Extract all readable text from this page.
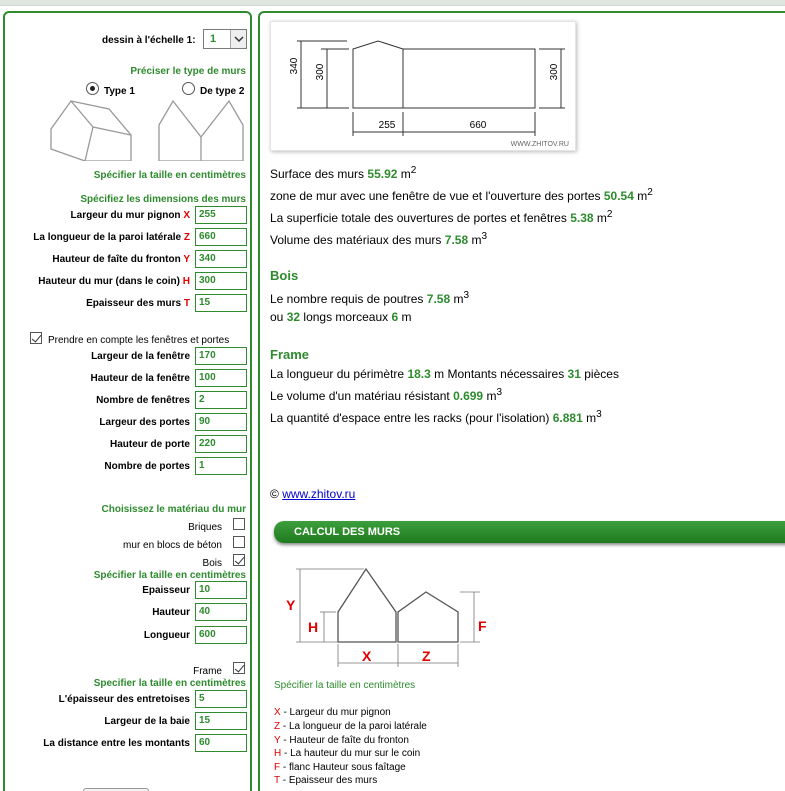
dessin à l'échelle 1: 1
Préciser le type de murs
Type 1	De type 2
Spécifier la taille en centimètres
Spécifiez les dimensions des murs
Largeur du mur pignon X 255
La longueur de la paroi latérale Z 660
Hauteur de faîte du fronton Y 340
Hauteur du mur (dans le coin) H 300
Epaisseur des murs T 15
Prendre en compte les fenêtres et portes
Largeur de la fenêtre 170
Hauteur de la fenêtre 100
Nombre de fenêtres 2
Largeur des portes 90
Hauteur de porte 220
Nombre de portes 1
Choisissez le matériau du mur
Briques
mur en blocs de béton
Bois
Spécifier la taille en centimètres
Epaisseur 10
Hauteur 40
Longueur 600
Frame
Specifier la taille en centimètres
L'épaisseur des entretoises 5
Largeur de la baie 15
La distance entre les montants 60
340 300	300
255	660
WWW.ZHITOV.RU
Surface des murs 55.92 $m^2$
zone de mur avec une fenêtre de vue et l'ouverture des portes 50.54 $m^2$
La superficie totale des ouvertures de portes et fenêtres 5.38 $m^2$
Volume des matériaux des murs 7.58 $m^3$
Bois
Le nombre requis de poutres 7.58 $m^3$
ou 32 longs morceaux 6 m
Frame
La longueur du périmètre 18.3 m Montants nécessaires 31 pièces
Le volume d'un matériau résistant 0.699 $m^3$
La quantité d'espace entre les racks (pour l'isolation) 6.881 $m^3$
© www.zhitov.ru
CALCUL DES MURS
Y
H	F
X	Z
Spécifier la taille en centimètres
X - Largeur du mur pignon
Z - La longueur de la paroi latérale
Y - Hauteur de faîte du fronton
H - La hauteur du mur sur le coin
F - flanc Hauteur sous faîtage
T - Epaisseur des murs
